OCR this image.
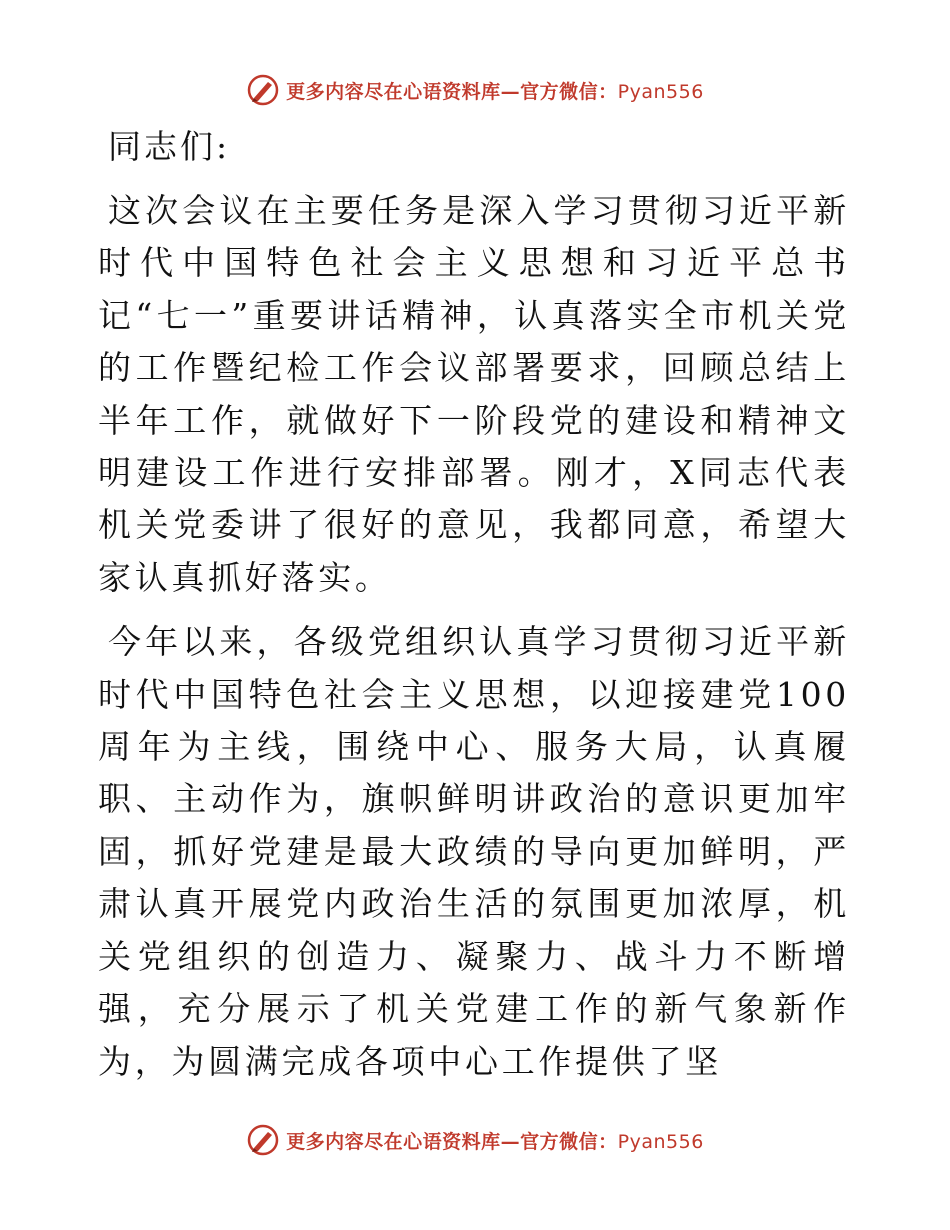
更多内容尽在心语资料库—官方微信：Pyan556
同志们:

这次会议在主要任务是深入学习贯彻习近平新时代中国特色社会主义思想和习近平总书记“七一”重要讲话精神，认真落实全市机关党的工作暨纪检工作会议部署要求，回顾总结上半年工作，就做好下一阶段党的建设和精神文明建设工作进行安排部署。刚才，X同志代表机关党委讲了很好的意见，我都同意，希望大家认真抓好落实。

今年以来，各级党组织认真学习贯彻习近平新时代中国特色社会主义思想，以迎接建党100周年为主线，围绕中心、服务大局，认真履职、主动作为，旗帜鲜明讲政治的意识更加牢固，抓好党建是最大政绩的导向更加鲜明，严肃认真开展党内政治生活的氛围更加浓厚，机关党组织的创造力、凝聚力、战斗力不断增强，充分展示了机关党建工作的新气象新作为，为圆满完成各项中心工作提供了坚

更多内容尽在心语资料库—官方微信：Pyan556
